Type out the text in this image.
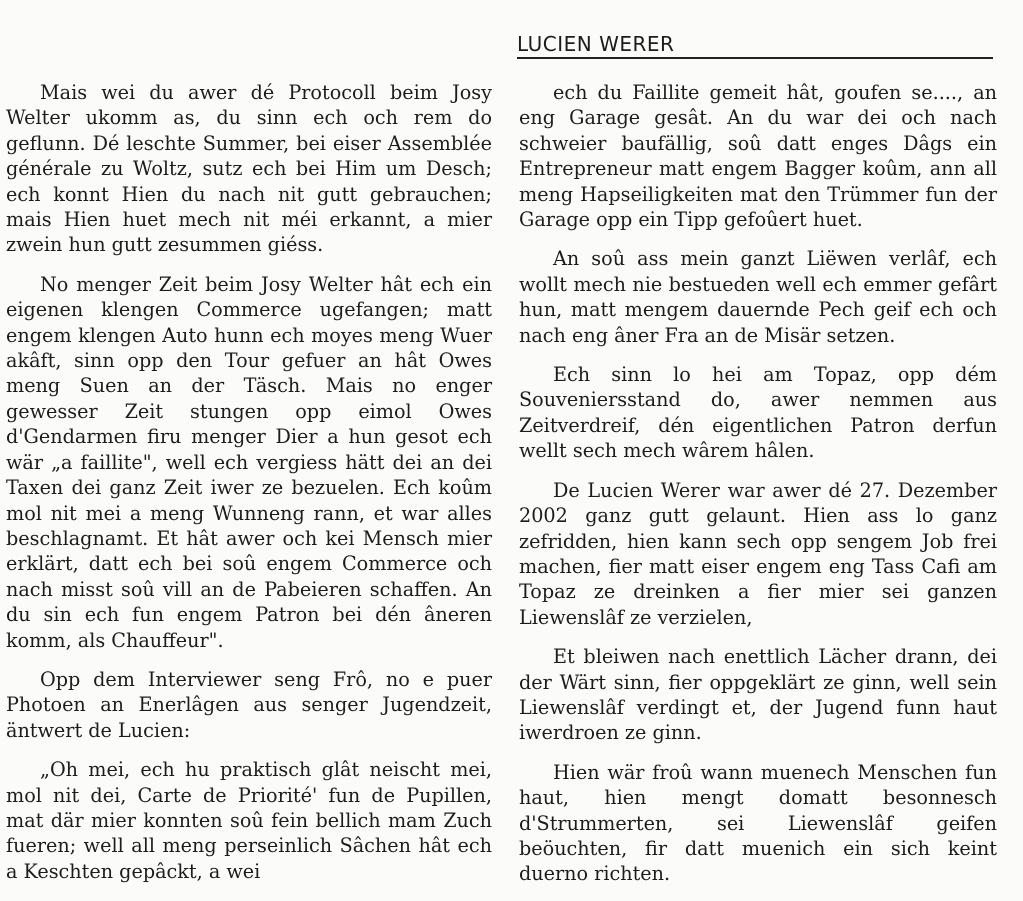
LUCIEN WERER

Mais wei du awer dé Protocoll beim Josy Welter ukomm as, du sinn ech och rem do geflunn. Dé leschte Summer, bei eiser Assemblée générale zu Woltz, sutz ech bei Him um Desch; ech konnt Hien du nach nit gutt gebrauchen; mais Hien huet mech nit méi erkannt, a mier zwein hun gutt zesummen giéss.

No menger Zeit beim Josy Welter hât ech ein eigenen klengen Commerce ugefangen; matt engem klengen Auto hunn ech moyes meng Wuer akâft, sinn opp den Tour gefuer an hât Owes meng Suen an der Täsch. Mais no enger gewesser Zeit stungen opp eimol Owes d'Gendarmen firu menger Dier a hun gesot ech wär „a faillite", well ech vergiess hätt dei an dei Taxen dei ganz Zeit iwer ze bezuelen. Ech koûm mol nit mei a meng Wunneng rann, et war alles beschlagnamt. Et hât awer och kei Mensch mier erklärt, datt ech bei soû engem Commerce och nach misst soû vill an de Pabeieren schaffen. An du sin ech fun engem Patron bei dén âneren komm, als Chauffeur".

Opp dem Interviewer seng Frô, no e puer Photoen an Enerlâgen aus senger Jugendzeit, äntwert de Lucien:

„Oh mei, ech hu praktisch glât neischt mei, mol nit dei, Carte de Priorité' fun de Pupillen, mat där mier konnten soû fein bellich mam Zuch fueren; well all meng perseinlich Sâchen hât ech a Keschten gepâckt, a wei

ech du Faillite gemeit hât, goufen se...., an eng Garage gesât. An du war dei och nach schweier baufällig, soû datt enges Dâgs ein Entrepreneur matt engem Bagger koûm, ann all meng Hapseiligkeiten mat den Trümmer fun der Garage opp ein Tipp gefoûert huet.

An soû ass mein ganzt Liëwen verlâf, ech wollt mech nie bestueden well ech emmer gefârt hun, matt mengem dauernde Pech geif ech och nach eng âner Fra an de Misär setzen.

Ech sinn lo hei am Topaz, opp dém Souveniersstand do, awer nemmen aus Zeitverdreif, dén eigentlichen Patron derfun wellt sech mech wârem hâlen.

De Lucien Werer war awer dé 27. Dezember 2002 ganz gutt gelaunt. Hien ass lo ganz zefridden, hien kann sech opp sengem Job frei machen, fier matt eiser engem eng Tass Cafi am Topaz ze dreinken a fier mier sei ganzen Liewenslâf ze verzielen,

Et bleiwen nach enettlich Lächer drann, dei der Wärt sinn, fier oppgeklärt ze ginn, well sein Liewenslâf verdingt et, der Jugend funn haut iwerdroen ze ginn.

Hien wär froû wann muenech Menschen fun haut, hien mengt domatt besonnesch d'Strummerten, sei Liewenslâf geifen beöuchten, fir datt muenich ein sich keint duerno richten.
